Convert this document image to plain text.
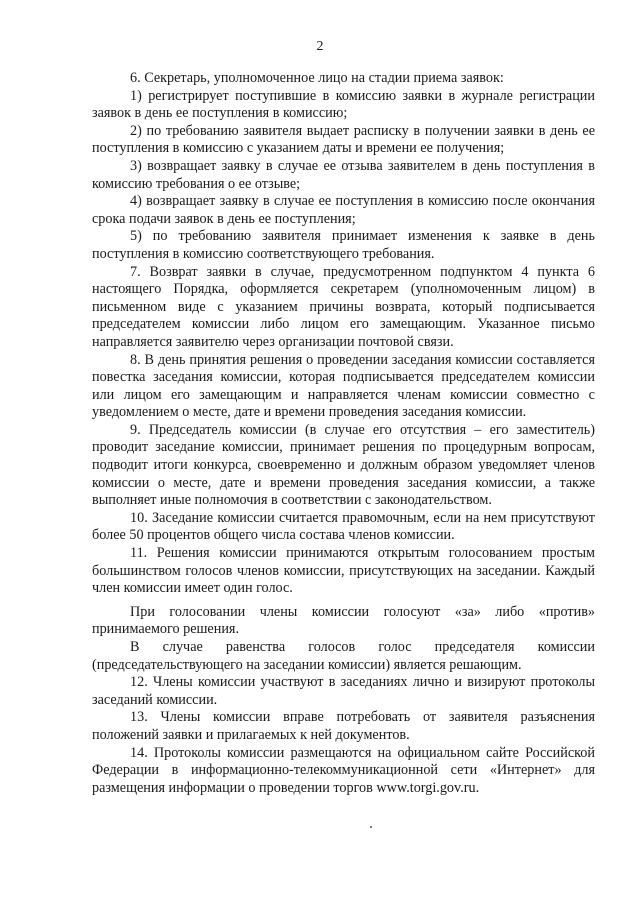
2

6. Секретарь, уполномоченное лицо на стадии приема заявок:

1) регистрирует поступившие в комиссию заявки в журнале регистрации заявок в день ее поступления в комиссию;

2) по требованию заявителя выдает расписку в получении заявки в день ее поступления в комиссию с указанием даты и времени ее получения;

3) возвращает заявку в случае ее отзыва заявителем в день поступления в комиссию требования о ее отзыве;

4) возвращает заявку в случае ее поступления в комиссию после окончания срока подачи заявок в день ее поступления;

5) по требованию заявителя принимает изменения к заявке в день поступления в комиссию соответствующего требования.

7. Возврат заявки в случае, предусмотренном подпунктом 4 пункта 6 настоящего Порядка, оформляется секретарем (уполномоченным лицом) в письменном виде с указанием причины возврата, который подписывается председателем комиссии либо лицом его замещающим. Указанное письмо направляется заявителю через организации почтовой связи.

8. В день принятия решения о проведении заседания комиссии составляется повестка заседания комиссии, которая подписывается председателем комиссии или лицом его замещающим и направляется членам комиссии совместно с уведомлением о месте, дате и времени проведения заседания комиссии.

9. Председатель комиссии (в случае его отсутствия – его заместитель) проводит заседание комиссии, принимает решения по процедурным вопросам, подводит итоги конкурса, своевременно и должным образом уведомляет членов комиссии о месте, дате и времени проведения заседания комиссии, а также выполняет иные полномочия в соответствии с законодательством.

10. Заседание комиссии считается правомочным, если на нем присутствуют более 50 процентов общего числа состава членов комиссии.

11. Решения комиссии принимаются открытым голосованием простым большинством голосов членов комиссии, присутствующих на заседании. Каждый член комиссии имеет один голос.

При голосовании члены комиссии голосуют «за» либо «против» принимаемого решения.

В случае равенства голосов голос председателя комиссии (председательствующего на заседании комиссии) является решающим.

12. Члены комиссии участвуют в заседаниях лично и визируют протоколы заседаний комиссии.

13. Члены комиссии вправе потребовать от заявителя разъяснения положений заявки и прилагаемых к ней документов.

14. Протоколы комиссии размещаются на официальном сайте Российской Федерации в информационно-телекоммуникационной сети «Интернет» для размещения информации о проведении торгов www.torgi.gov.ru.
